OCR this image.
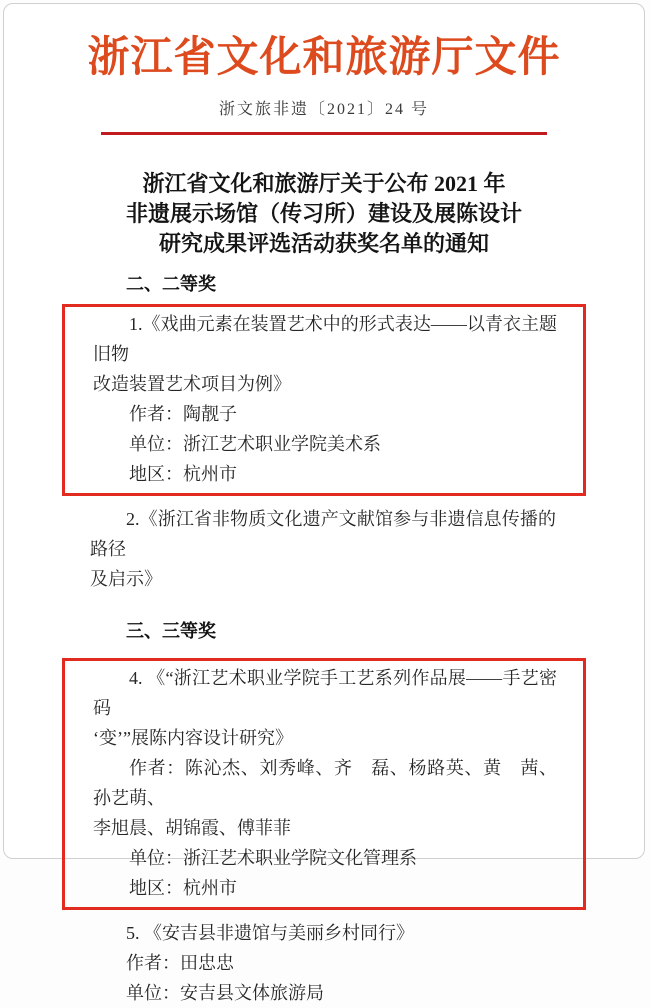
浙江省文化和旅游厅文件
浙文旅非遗〔2021〕24 号
浙江省文化和旅游厅关于公布 2021 年
非遗展示场馆（传习所）建设及展陈设计
研究成果评选活动获奖名单的通知
二、二等奖
1.《戏曲元素在装置艺术中的形式表达——以青衣主题旧物
改造装置艺术项目为例》
作者：陶靓子
单位：浙江艺术职业学院美术系
地区：杭州市
2.《浙江省非物质文化遗产文献馆参与非遗信息传播的路径
及启示》
三、三等奖
4. 《“浙江艺术职业学院手工艺系列作品展——手艺密码
‘变’”展陈内容设计研究》
作者：陈沁杰、刘秀峰、齐　磊、杨路英、黄　茜、孙艺萌、
李旭晨、胡锦霞、傅菲菲
单位：浙江艺术职业学院文化管理系
地区：杭州市
5. 《安吉县非遗馆与美丽乡村同行》
作者：田忠忠
单位：安吉县文体旅游局
